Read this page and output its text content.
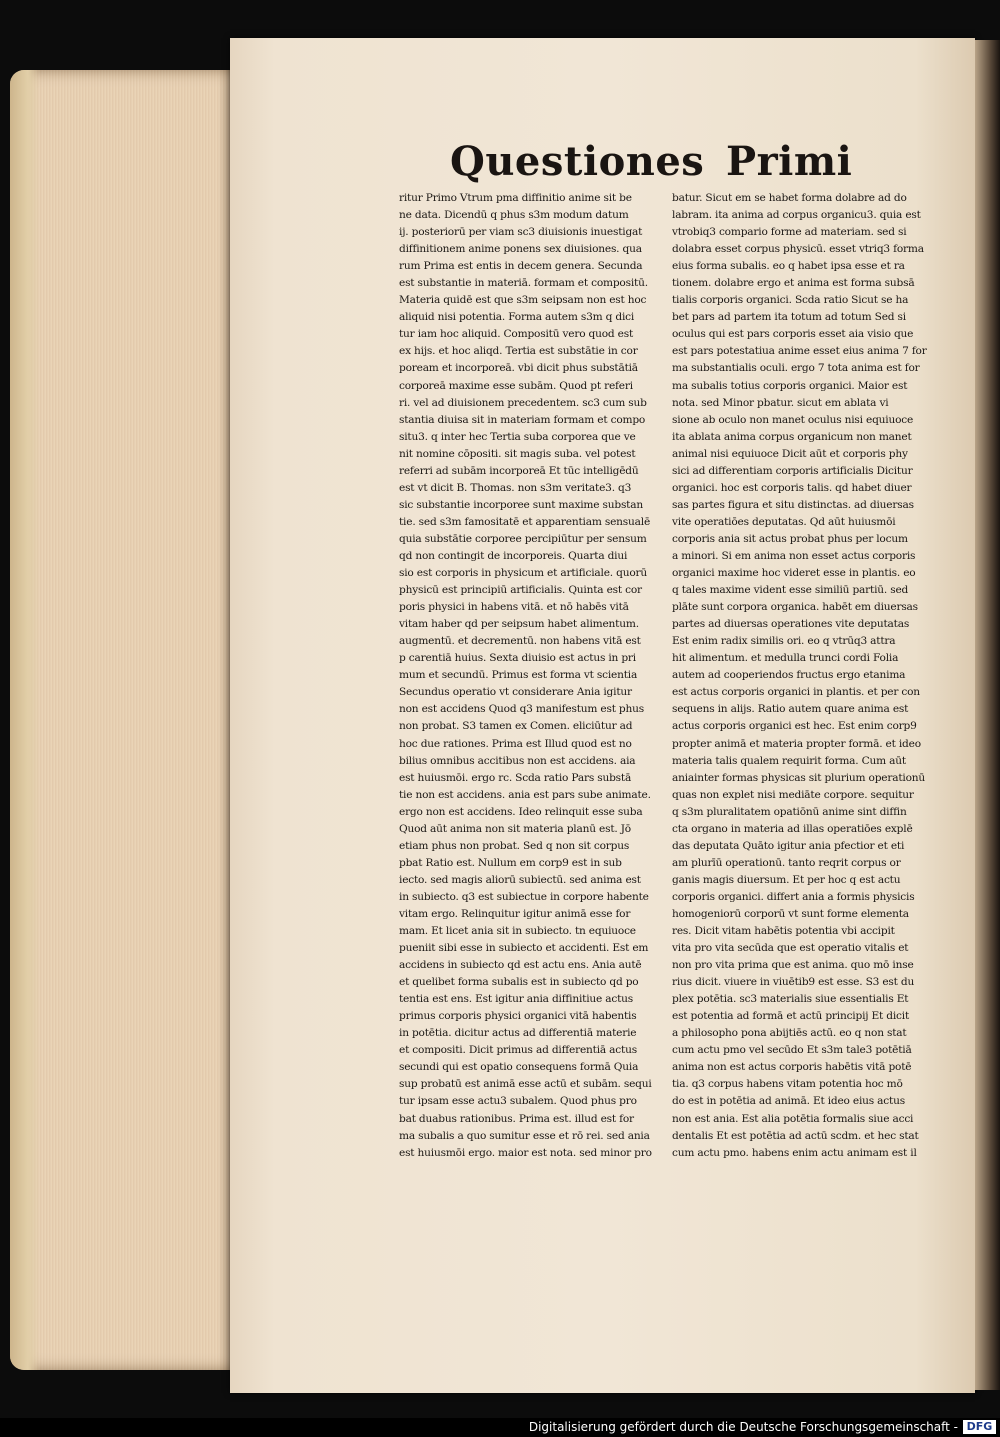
Questiones Primi
ritur Primo Vtrum pma diffinitio anime sit be
ne data. Dicendū q phus s3m modum datum
ij. posteriorū per viam sc3 diuisionis inuestigat
diffinitionem anime ponens sex diuisiones. qua
rum Prima est entis in decem genera. Secunda
est substantie in materiā. formam et compositū.
Materia quidē est que s3m seipsam non est hoc
aliquid nisi potentia. Forma autem s3m q dici
tur iam hoc aliquid. Compositū vero quod est
ex hijs. et hoc aliqd. Tertia est substātie in cor
poream et incorporeā. vbi dicit phus substātiā
corporeā maxime esse subām. Quod pt referi
ri. vel ad diuisionem precedentem. sc3 cum sub
stantia diuisa sit in materiam formam et compo
situ3. q inter hec Tertia suba corporea que ve
nit nomine cōpositi. sit magis suba. vel potest
referri ad subām incorporeā Et tūc intelligēdū
est vt dicit B. Thomas. non s3m veritate3. q3
sic substantie incorporee sunt maxime substan
tie. sed s3m famositatē et apparentiam sensualē
quia substātie corporee percipiūtur per sensum
qd non contingit de incorporeis. Quarta diui
sio est corporis in physicum et artificiale. quorū
physicū est principiū artificialis. Quinta est cor
poris physici in habens vitā. et nō habēs vitā
vitam haber qd per seipsum habet alimentum.
augmentū. et decrementū. non habens vitā est
p carentiā huius. Sexta diuisio est actus in pri
mum et secundū. Primus est forma vt scientia
Secundus operatio vt considerare Ania igitur
non est accidens Quod q3 manifestum est phus
non probat. S3 tamen ex Comen. eliciūtur ad
hoc due rationes. Prima est Illud quod est no
bilius omnibus accitibus non est accidens. aia
est huiusmōi. ergo rc. Scda ratio Pars substā
tie non est accidens. ania est pars sube animate.
ergo non est accidens. Ideo relinquit esse suba
Quod aūt anima non sit materia planū est. Jō
etiam phus non probat. Sed q non sit corpus
pbat Ratio est. Nullum em corp9 est in sub
iecto. sed magis aliorū subiectū. sed anima est
in subiecto. q3 est subiectue in corpore habente
vitam ergo. Relinquitur igitur animā esse for
mam. Et licet ania sit in subiecto. tn equiuoce
pueniit sibi esse in subiecto et accidenti. Est em
accidens in subiecto qd est actu ens. Ania autē
et quelibet forma subalis est in subiecto qd po
tentia est ens. Est igitur ania diffinitiue actus
primus corporis physici organici vitā habentis
in potētia. dicitur actus ad differentiā materie
et compositi. Dicit primus ad differentiā actus
secundi qui est opatio consequens formā Quia
sup probatū est animā esse actū et subām. sequi
tur ipsam esse actu3 subalem. Quod phus pro
bat duabus rationibus. Prima est. illud est for
ma subalis a quo sumitur esse et rō rei. sed ania
est huiusmōi ergo. maior est nota. sed minor pro
batur. Sicut em se habet forma dolabre ad do
labram. ita anima ad corpus organicu3. quia est
vtrobiq3 compario forme ad materiam. sed si
dolabra esset corpus physicū. esset vtriq3 forma
eius forma subalis. eo q habet ipsa esse et ra
tionem. dolabre ergo et anima est forma subsā
tialis corporis organici. Scda ratio Sicut se ha
bet pars ad partem ita totum ad totum Sed si
oculus qui est pars corporis esset aia visio que
est pars potestatiua anime esset eius anima 7 for
ma substantialis oculi. ergo 7 tota anima est for
ma subalis totius corporis organici. Maior est
nota. sed Minor pbatur. sicut em ablata vi
sione ab oculo non manet oculus nisi equiuoce
ita ablata anima corpus organicum non manet
animal nisi equiuoce Dicit aūt et corporis phy
sici ad differentiam corporis artificialis Dicitur
organici. hoc est corporis talis. qd habet diuer
sas partes figura et situ distinctas. ad diuersas
vite operatiōes deputatas. Qd aūt huiusmōi
corporis ania sit actus probat phus per locum
a minori. Si em anima non esset actus corporis
organici maxime hoc videret esse in plantis. eo
q tales maxime vident esse similiū partiū. sed
plāte sunt corpora organica. habēt em diuersas
partes ad diuersas operationes vite deputatas
Est enim radix similis ori. eo q vtrūq3 attra
hit alimentum. et medulla trunci cordi Folia
autem ad cooperiendos fructus ergo etanima
est actus corporis organici in plantis. et per con
sequens in alijs. Ratio autem quare anima est
actus corporis organici est hec. Est enim corp9
propter animā et materia propter formā. et ideo
materia talis qualem requirit forma. Cum aūt
aniainter formas physicas sit plurium operationū
quas non explet nisi mediāte corpore. sequitur
q s3m pluralitatem opatiōnū anime sint diffin
cta organo in materia ad illas operatiōes explē
das deputata Quāto igitur ania pfectior et eti
am plurīū operationū. tanto reqrit corpus or
ganis magis diuersum. Et per hoc q est actu
corporis organici. differt ania a formis physicis
homogeniorū corporū vt sunt forme elementa
res. Dicit vitam habētis potentia vbi accipit
vita pro vita secūda que est operatio vitalis et
non pro vita prima que est anima. quo mō inse
rius dicit. viuere in viuētib9 est esse. S3 est du
plex potētia. sc3 materialis siue essentialis Et
est potentia ad formā et actū principij Et dicit
a philosopho pona abijtiēs actū. eo q non stat
cum actu pmo vel secūdo Et s3m tale3 potētiā
anima non est actus corporis habētis vitā potē
tia. q3 corpus habens vitam potentia hoc mō
do est in potētia ad animā. Et ideo eius actus
non est ania. Est alia potētia formalis siue acci
dentalis Et est potētia ad actū scdm. et hec stat
cum actu pmo. habens enim actu animam est il
Digitalisierung gefördert durch die Deutsche Forschungsgemeinschaft - DFG
